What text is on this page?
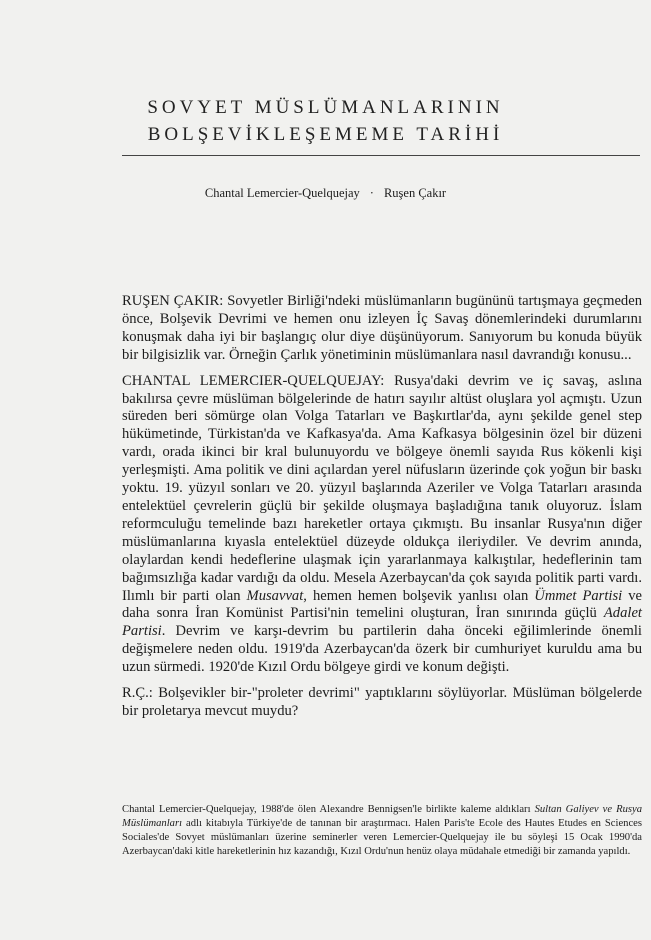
SOVYET MÜSLÜMANLARININ
BOLŞEVİKLEŞEMEME TARİHİ
Chantal Lemercier-Quelquejay · Ruşen Çakır

RUŞEN ÇAKIR: Sovyetler Birliği'ndeki müslümanların bugününü tartışmaya geçmeden önce, Bolşevik Devrimi ve hemen onu izleyen İç Savaş dönemlerindeki durumlarını konuşmak daha iyi bir başlangıç olur diye düşünüyorum. Sanıyorum bu konuda büyük bir bilgisizlik var. Örneğin Çarlık yönetiminin müslümanlara nasıl davrandığı konusu...

CHANTAL LEMERCIER-QUELQUEJAY: Rusya'daki devrim ve iç savaş, aslına bakılırsa çevre müslüman bölgelerinde de hatırı sayılır altüst oluşlara yol açmıştı. Uzun süreden beri sömürge olan Volga Tatarları ve Başkırtlar'da, aynı şekilde genel step hükümetinde, Türkistan'da ve Kafkasya'da. Ama Kafkasya bölgesinin özel bir düzeni vardı, orada ikinci bir kral bulunuyordu ve bölgeye önemli sayıda Rus kökenli kişi yerleşmişti. Ama politik ve dini açılardan yerel nüfusların üzerinde çok yoğun bir baskı yoktu. 19. yüzyıl sonları ve 20. yüzyıl başlarında Azeriler ve Volga Tatarları arasında entelektüel çevrelerin güçlü bir şekilde oluşmaya başladığına tanık oluyoruz. İslam reformculuğu temelinde bazı hareketler ortaya çıkmıştı. Bu insanlar Rusya'nın diğer müslümanlarına kıyasla entelektüel düzeyde oldukça ileriydiler. Ve devrim anında, olaylardan kendi hedeflerine ulaşmak için yararlanmaya kalkıştılar, hedeflerinin tam bağımsızlığa kadar vardığı da oldu. Mesela Azerbaycan'da çok sayıda politik parti vardı. Ilımlı bir parti olan Musavvat, hemen hemen bolşevik yanlısı olan Ümmet Partisi ve daha sonra İran Komünist Partisi'nin temelini oluşturan, İran sınırında güçlü Adalet Partisi. Devrim ve karşı-devrim bu partilerin daha önceki eğilimlerinde önemli değişmelere neden oldu. 1919'da Azerbaycan'da özerk bir cumhuriyet kuruldu ama bu uzun sürmedi. 1920'de Kızıl Ordu bölgeye girdi ve konum değişti.

R.Ç.: Bolşevikler bir-"proleter devrimi" yaptıklarını söylüyorlar. Müslüman bölgelerde bir proletarya mevcut muydu?

Chantal Lemercier-Quelquejay, 1988'de ölen Alexandre Bennigsen'le birlikte kaleme aldıkları Sultan Galiyev ve Rusya Müslümanları adlı kitabıyla Türkiye'de de tanınan bir araştırmacı. Halen Paris'te Ecole des Hautes Etudes en Sciences Sociales'de Sovyet müslümanları üzerine seminerler veren Lemercier-Quelquejay ile bu söyleşi 15 Ocak 1990'da Azerbaycan'daki kitle hareketlerinin hız kazandığı, Kızıl Ordu'nun henüz olaya müdahale etmediği bir zamanda yapıldı.
